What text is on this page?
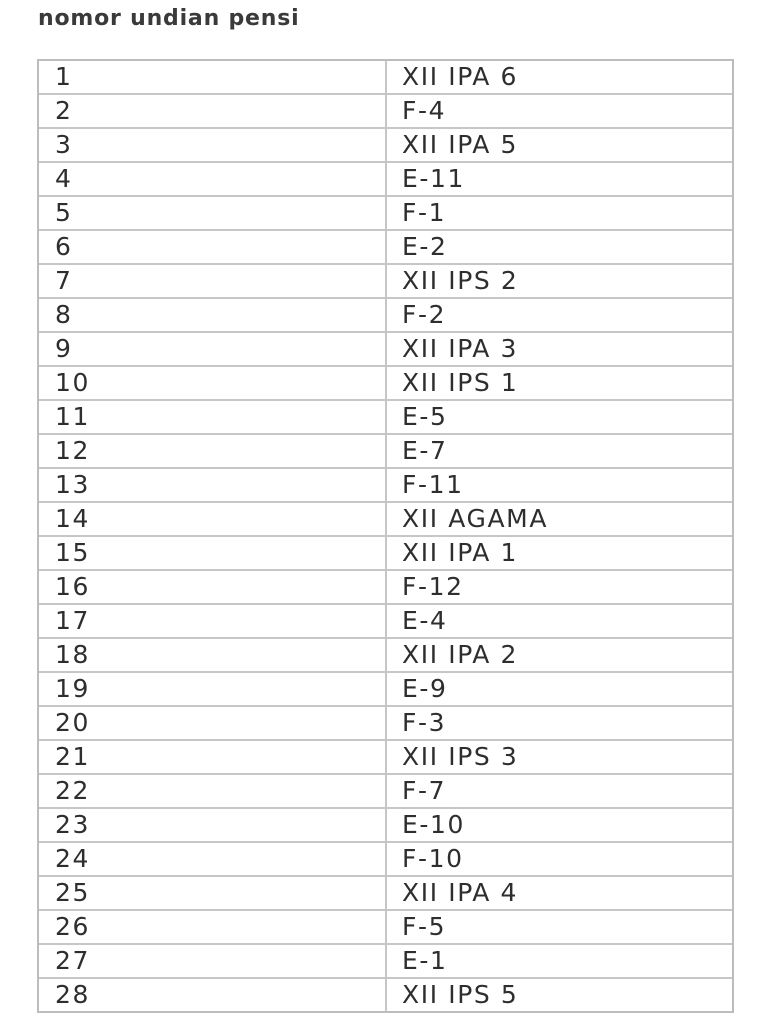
nomor undian pensi
1	XII IPA 6
2	F-4
3	XII IPA 5
4	E-11
5	F-1
6	E-2
7	XII IPS 2
8	F-2
9	XII IPA 3
10	XII IPS 1
11	E-5
12	E-7
13	F-11
14	XII AGAMA
15	XII IPA 1
16	F-12
17	E-4
18	XII IPA 2
19	E-9
20	F-3
21	XII IPS 3
22	F-7
23	E-10
24	F-10
25	XII IPA 4
26	F-5
27	E-1
28	XII IPS 5
